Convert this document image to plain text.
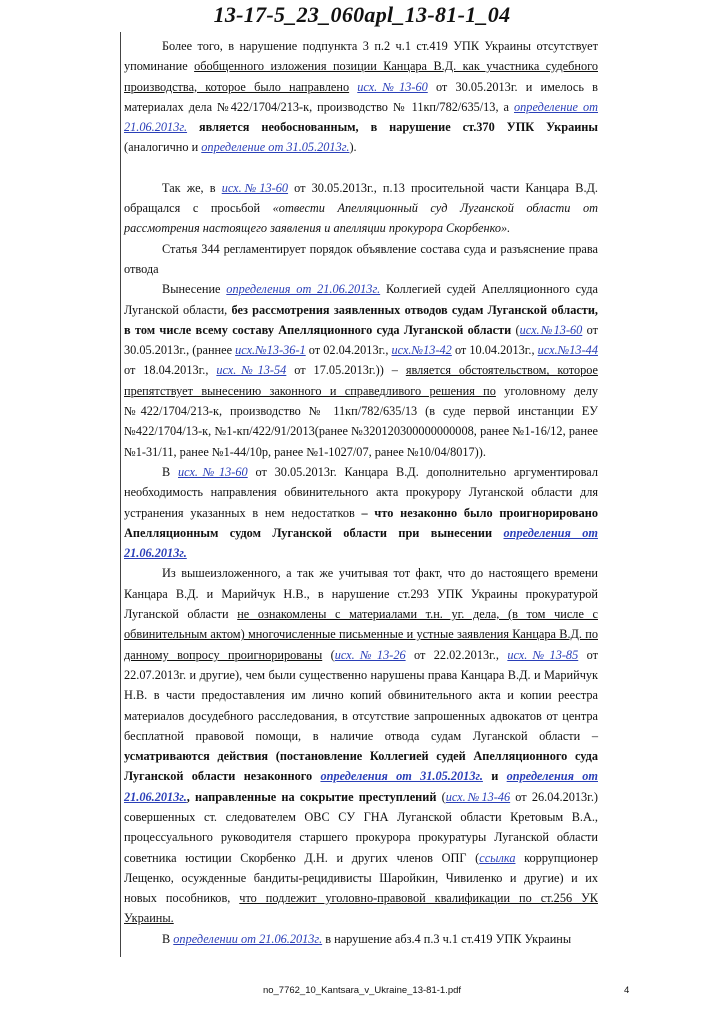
13-17-5_23_060apl_13-81-1_04

Более того, в нарушение подпункта 3 п.2 ч.1 ст.419 УПК Украины отсутствует упоминание обобщенного изложения позиции Канцара В.Д. как участника судебного производства, которое было направлено исх.№13-60 от 30.05.2013г. и имелось в материалах дела №422/1704/213-к, производство № 11кп/782/635/13, а определение от 21.06.2013г. является необоснованным, в нарушение ст.370 УПК Украины (аналогично и определение от 31.05.2013г.).

Так же, в исх.№13-60 от 30.05.2013г., п.13 просительной части Канцара В.Д. обращался с просьбой «отвести Апелляционный суд Луганской области от рассмотрения настоящего заявления и апелляции прокурора Скорбенко».

Статья 344 регламентирует порядок объявление состава суда и разъяснение права отвода

Вынесение определения от 21.06.2013г. Коллегией судей Апелляционного суда Луганской области, без рассмотрения заявленных отводов судам Луганской области, в том числе всему составу Апелляционного суда Луганской области (исх.№13-60 от 30.05.2013г., (раннее исх.№13-36-1 от 02.04.2013г., исх.№13-42 от 10.04.2013г., исх.№13-44 от 18.04.2013г., исх.№13-54 от 17.05.2013г.)) – является обстоятельством, которое препятствует вынесению законного и справедливого решения по уголовному делу №422/1704/213-к, производство № 11кп/782/635/13 (в суде первой инстанции ЕУ №422/1704/13-к, №1-кп/422/91/2013(ранее №320120300000000008, ранее №1-16/12, ранее №1-31/11, ранее №1-44/10р, ранее №1-1027/07, ранее №10/04/8017)).

В исх.№13-60 от 30.05.2013г. Канцара В.Д. дополнительно аргументировал необходимость направления обвинительного акта прокурору Луганской области для устранения указанных в нем недостатков – что незаконно было проигнорировано Апелляционным судом Луганской области при вынесении определения от 21.06.2013г.

Из вышеизложенного, а так же учитывая тот факт, что до настоящего времени Канцара В.Д. и Марийчук Н.В., в нарушение ст.293 УПК Украины прокуратурой Луганской области не ознакомлены с материалами т.н. уг. дела, (в том числе с обвинительным актом) многочисленные письменные и устные заявления Канцара В.Д. по данному вопросу проигнорированы (исх.№13-26 от 22.02.2013г., исх.№13-85 от 22.07.2013г. и другие), чем были существенно нарушены права Канцара В.Д. и Марийчук Н.В. в части предоставления им лично копий обвинительного акта и копии реестра материалов досудебного расследования, в отсутствие запрошенных адвокатов от центра бесплатной правовой помощи, в наличие отвода судам Луганской области – усматриваются действия (постановление Коллегией судей Апелляционного суда Луганской области незаконного определения от 31.05.2013г. и определения от 21.06.2013г., направленные на сокрытие преступлений (исх.№13-46 от 26.04.2013г.) совершенных ст. следователем ОВС СУ ГНА Луганской области Кретовым В.А., процессуального руководителя старшего прокурора прокуратуры Луганской области советника юстиции Скорбенко Д.Н. и других членов ОПГ (ссылка коррупционер Лещенко, осужденные бандиты-рецидивисты Шаройкин, Чивиленко и другие) и их новых пособников, что подлежит уголовно-правовой квалификации по ст.256 УК Украины.

В определении от 21.06.2013г. в нарушение абз.4 п.3 ч.1 ст.419 УПК Украины

no_7762_10_Kantsara_v_Ukraine_13-81-1.pdf	4
